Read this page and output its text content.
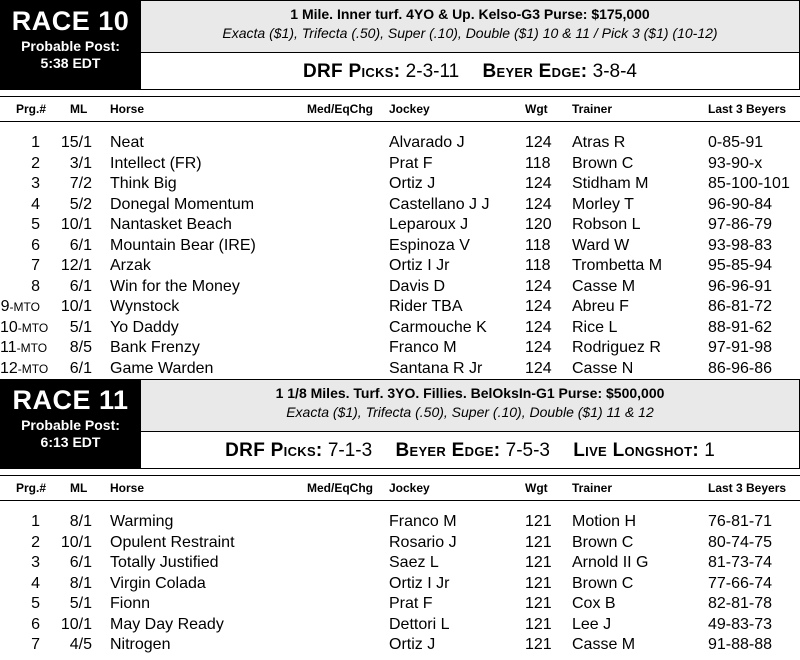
RACE 10
Probable Post:
5:38 EDT
1 Mile. Inner turf. 4YO & Up. Kelso-G3 Purse: $175,000
Exacta ($1), Trifecta (.50), Super (.10), Double ($1) 10 & 11 / Pick 3 ($1) (10-12)
DRF Picks: 2-3-11 Beyer Edge: 3-8-4
Prg.# ML Horse	Med/EqChg Jockey	Wgt Trainer	Last 3 Beyers
1	15/1 Neat	Alvarado J	124 Atras R	0-85-91
2	3/1 Intellect (FR)	Prat F	118 Brown C	93-90-x
3	7/2 Think Big	Ortiz J	124 Stidham M	85-100-101
4	5/2 Donegal Momentum	Castellano J J 124 Morley T	96-90-84
5	10/1 Nantasket Beach	Leparoux J	120 Robson L	97-86-79
6	6/1 Mountain Bear (IRE)	Espinoza V	118 Ward W	93-98-83
7	12/1 Arzak	Ortiz I Jr	118 Trombetta M	95-85-94
8	6/1 Win for the Money	Davis D	124 Casse M	96-96-91
9-MTO	10/1 Wynstock	Rider TBA	124 Abreu F	86-81-72
10-MTO	5/1 Yo Daddy	Carmouche K 124 Rice L	88-91-62
11-MTO	8/5 Bank Frenzy	Franco M	124 Rodriguez R	97-91-98
12-MTO	6/1 Game Warden	Santana R Jr	124 Casse N	86-96-86
RACE 11
Probable Post:
6:13 EDT
1 1/8 Miles. Turf. 3YO. Fillies. BelOksIn-G1 Purse: $500,000
Exacta ($1), Trifecta (.50), Super (.10), Double ($1) 11 & 12
DRF Picks: 7-1-3 Beyer Edge: 7-5-3 Live Longshot: 1
Prg.# ML Horse	Med/EqChg Jockey	Wgt Trainer	Last 3 Beyers
1	8/1 Warming	Franco M	121 Motion H	76-81-71
2	10/1 Opulent Restraint	Rosario J	121 Brown C	80-74-75
3	6/1 Totally Justified	Saez L	121 Arnold II G	81-73-74
4	8/1 Virgin Colada	Ortiz I Jr	121 Brown C	77-66-74
5	5/1 Fionn	Prat F	121 Cox B	82-81-78
6	10/1 May Day Ready	Dettori L	121 Lee J	49-83-73
7	4/5 Nitrogen	Ortiz J	121 Casse M	91-88-88
